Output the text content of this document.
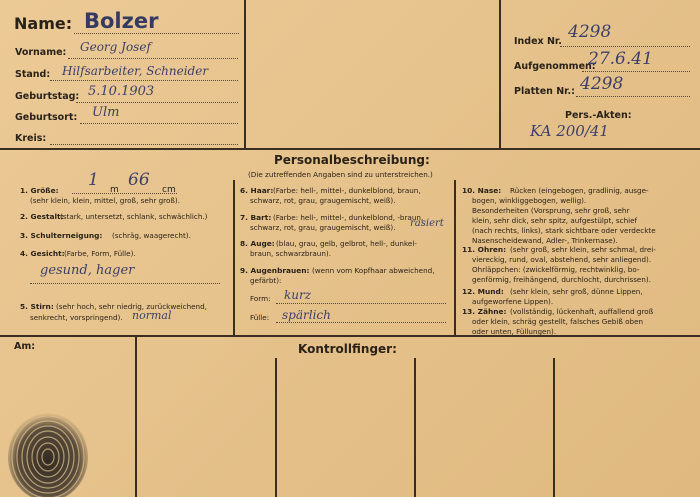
Name: Bolzer
Vorname: Georg Josef
Stand: Hilfsarbeiter, Schneider
Geburtstag: 5.10.1903
Geburtsort: Ulm
Kreis:
Index Nr. 4298
Aufgenommen:
27.6.41
Platten Nr.: 4298
Pers.-Akten:
KA 200/41
Personalbeschreibung:
(Die zutreffenden Angaben sind zu unterstreichen.)
1. Größe:
1 m 66 cm
(sehr klein, klein, mittel, groß, sehr groß).
2. Gestalt:
(stark, untersetzt, schlank, schwächlich.)
3. Schulterneigung: (schräg, waagerecht).
4. Gesicht: (Farbe, Form, Fülle).
gesund, hager
5. Stirn: (sehr hoch, sehr niedrig, zurückweichend,
senkrecht, vorspringend). normal
6. Haar: (Farbe: hell-, mittel-, dunkelblond, braun,
schwarz, rot, grau, graugemischt, weiß).
7. Bart: (Farbe: hell-, mittel-, dunkelblond, -braun,
schwarz, rot, grau, graugemischt, weiß). rasiert
8. Auge: (blau, grau, gelb, gelbrot, hell-, dunkel-
braun, schwarzbraun).
9. Augenbrauen: (wenn vom Kopfhaar abweichend,
gefärbt):
Form: kurz
Fülle: spärlich
10. Nase: Rücken (eingebogen, gradlinig, ausge-
bogen, winkliggebogen, wellig).
Besonderheiten (Vorsprung, sehr groß, sehr
klein, sehr dick, sehr spitz, aufgestülpt, schief
(nach rechts, links), stark sichtbare oder verdeckte
Nasenscheidewand, Adler-, Trinkernase).
11. Ohren: (sehr groß, sehr klein, sehr schmal, drei-
viereckig, rund, oval, abstehend, sehr anliegend).
Ohrläppchen: (zwickelförmig, rechtwinklig, bo-
genförmig, freihängend, durchlocht, durchrissen).
12. Mund: (sehr klein, sehr groß, dünne Lippen,
aufgeworfene Lippen).
13. Zähne: (vollständig, lückenhaft, auffallend groß
oder klein, schräg gestellt, falsches Gebiß oben
oder unten, Füllungen).
Am:	Kontrollfinger:
